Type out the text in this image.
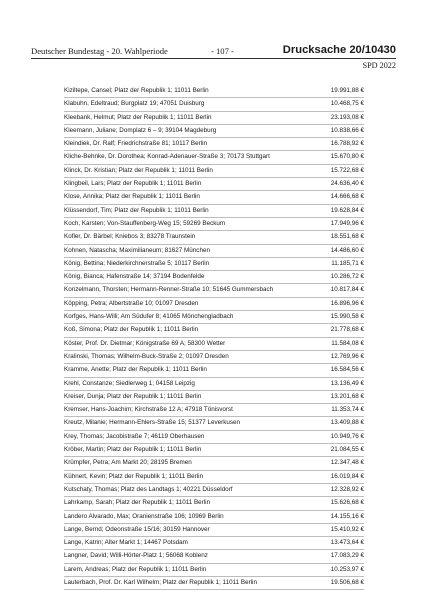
Deutscher Bundestag - 20. Wahlperiode	- 107 -	Drucksache 20/10430
SPD 2022
Kiziltepe, Cansel; Platz der Republik 1; 11011 Berlin	19.991,88 €
Klabuhn, Edeltraud; Burgplatz 19; 47051 Duisburg	10.468,75 €
Kleebank, Helmut; Platz der Republik 1; 11011 Berlin	23.193,08 €
Kleemann, Juliane; Domplatz 6 – 9; 39104 Magdeburg	10.838,66 €
Kleindiek, Dr. Ralf; Friedrichstraße 81; 10117 Berlin	16.788,92 €
Kliche-Behnke, Dr. Dorothea; Konrad-Adenauer-Straße 3; 70173 Stuttgart	15.670,80 €
Klinck, Dr. Kristian; Platz der Republik 1; 11011 Berlin	15.722,68 €
Klingbeil, Lars; Platz der Republik 1; 11011 Berlin	24.636,40 €
Klose, Annika; Platz der Republik 1; 11011 Berlin	14.666,68 €
Klüssendorf, Tim; Platz der Republik 1; 11011 Berlin	19.628,84 €
Koch, Karsten; Von-Stauffenberg-Weg 15; 59269 Beckum	17.949,96 €
Kofler, Dr. Bärbel; Kniebos 3; 83278 Traunstein	18.551,68 €
Kohnen, Natascha; Maximilianeum; 81627 München	14.486,60 €
König, Bettina; Niederkirchnerstraße 5; 10117 Berlin	11.185,71 €
König, Bianca; Hafenstraße 14; 37194 Bodenfelde	10.286,72 €
Konzelmann, Thorsten; Hermann-Renner-Straße 10; 51645 Gummersbach	10.817,84 €
Köpping, Petra; Albertstraße 10; 01097 Dresden	16.896,96 €
Korfges, Hans-Willi; Am Südufer 8; 41065 Mönchengladbach	15.990,58 €
Koß, Simona; Platz der Republik 1; 11011 Berlin	21.778,68 €
Köster, Prof. Dr. Dietmar; Königstraße 69 A; 58300 Wetter	11.584,08 €
Kralinski, Thomas; Wilhelm-Buck-Straße 2; 01097 Dresden	12.769,96 €
Kramme, Anette; Platz der Republik 1; 11011 Berlin	16.584,56 €
Krehl, Constanze; Siedlerweg 1; 04158 Leipzig	13.136,49 €
Kreiser, Dunja; Platz der Republik 1; 11011 Berlin	13.201,68 €
Kremser, Hans-Joachim; Kirchstraße 12 A; 47918 Tönisvorst	11.353,74 €
Kreutz, Milanie; Hermann-Ehlers-Straße 15; 51377 Leverkusen	13.409,88 €
Krey, Thomas; Jacobistraße 7; 46119 Oberhausen	10.949,76 €
Kröber, Martin; Platz der Republik 1; 11011 Berlin	21.084,55 €
Krümpfer, Petra; Am Markt 20; 28195 Bremen	12.347,48 €
Kühnert, Kevin; Platz der Republik 1; 11011 Berlin	16.019,84 €
Kutschaty, Thomas; Platz des Landtags 1; 40221 Düsseldorf	12.328,92 €
Lahrkamp, Sarah; Platz der Republik 1; 11011 Berlin	15.626,68 €
Landero Alvarado, Max; Oranienstraße 106; 10969 Berlin	14.155,16 €
Lange, Bernd; Odeonstraße 15/16; 30159 Hannover	15.410,92 €
Lange, Katrin; Alter Markt 1; 14467 Potsdam	13.473,64 €
Langner, David; Willi-Hörter-Platz 1; 56068 Koblenz	17.083,29 €
Larem, Andreas; Platz der Republik 1; 11011 Berlin	10.253,97 €
Lauterbach, Prof. Dr. Karl Wilhelm; Platz der Republik 1; 11011 Berlin	19.506,68 €
